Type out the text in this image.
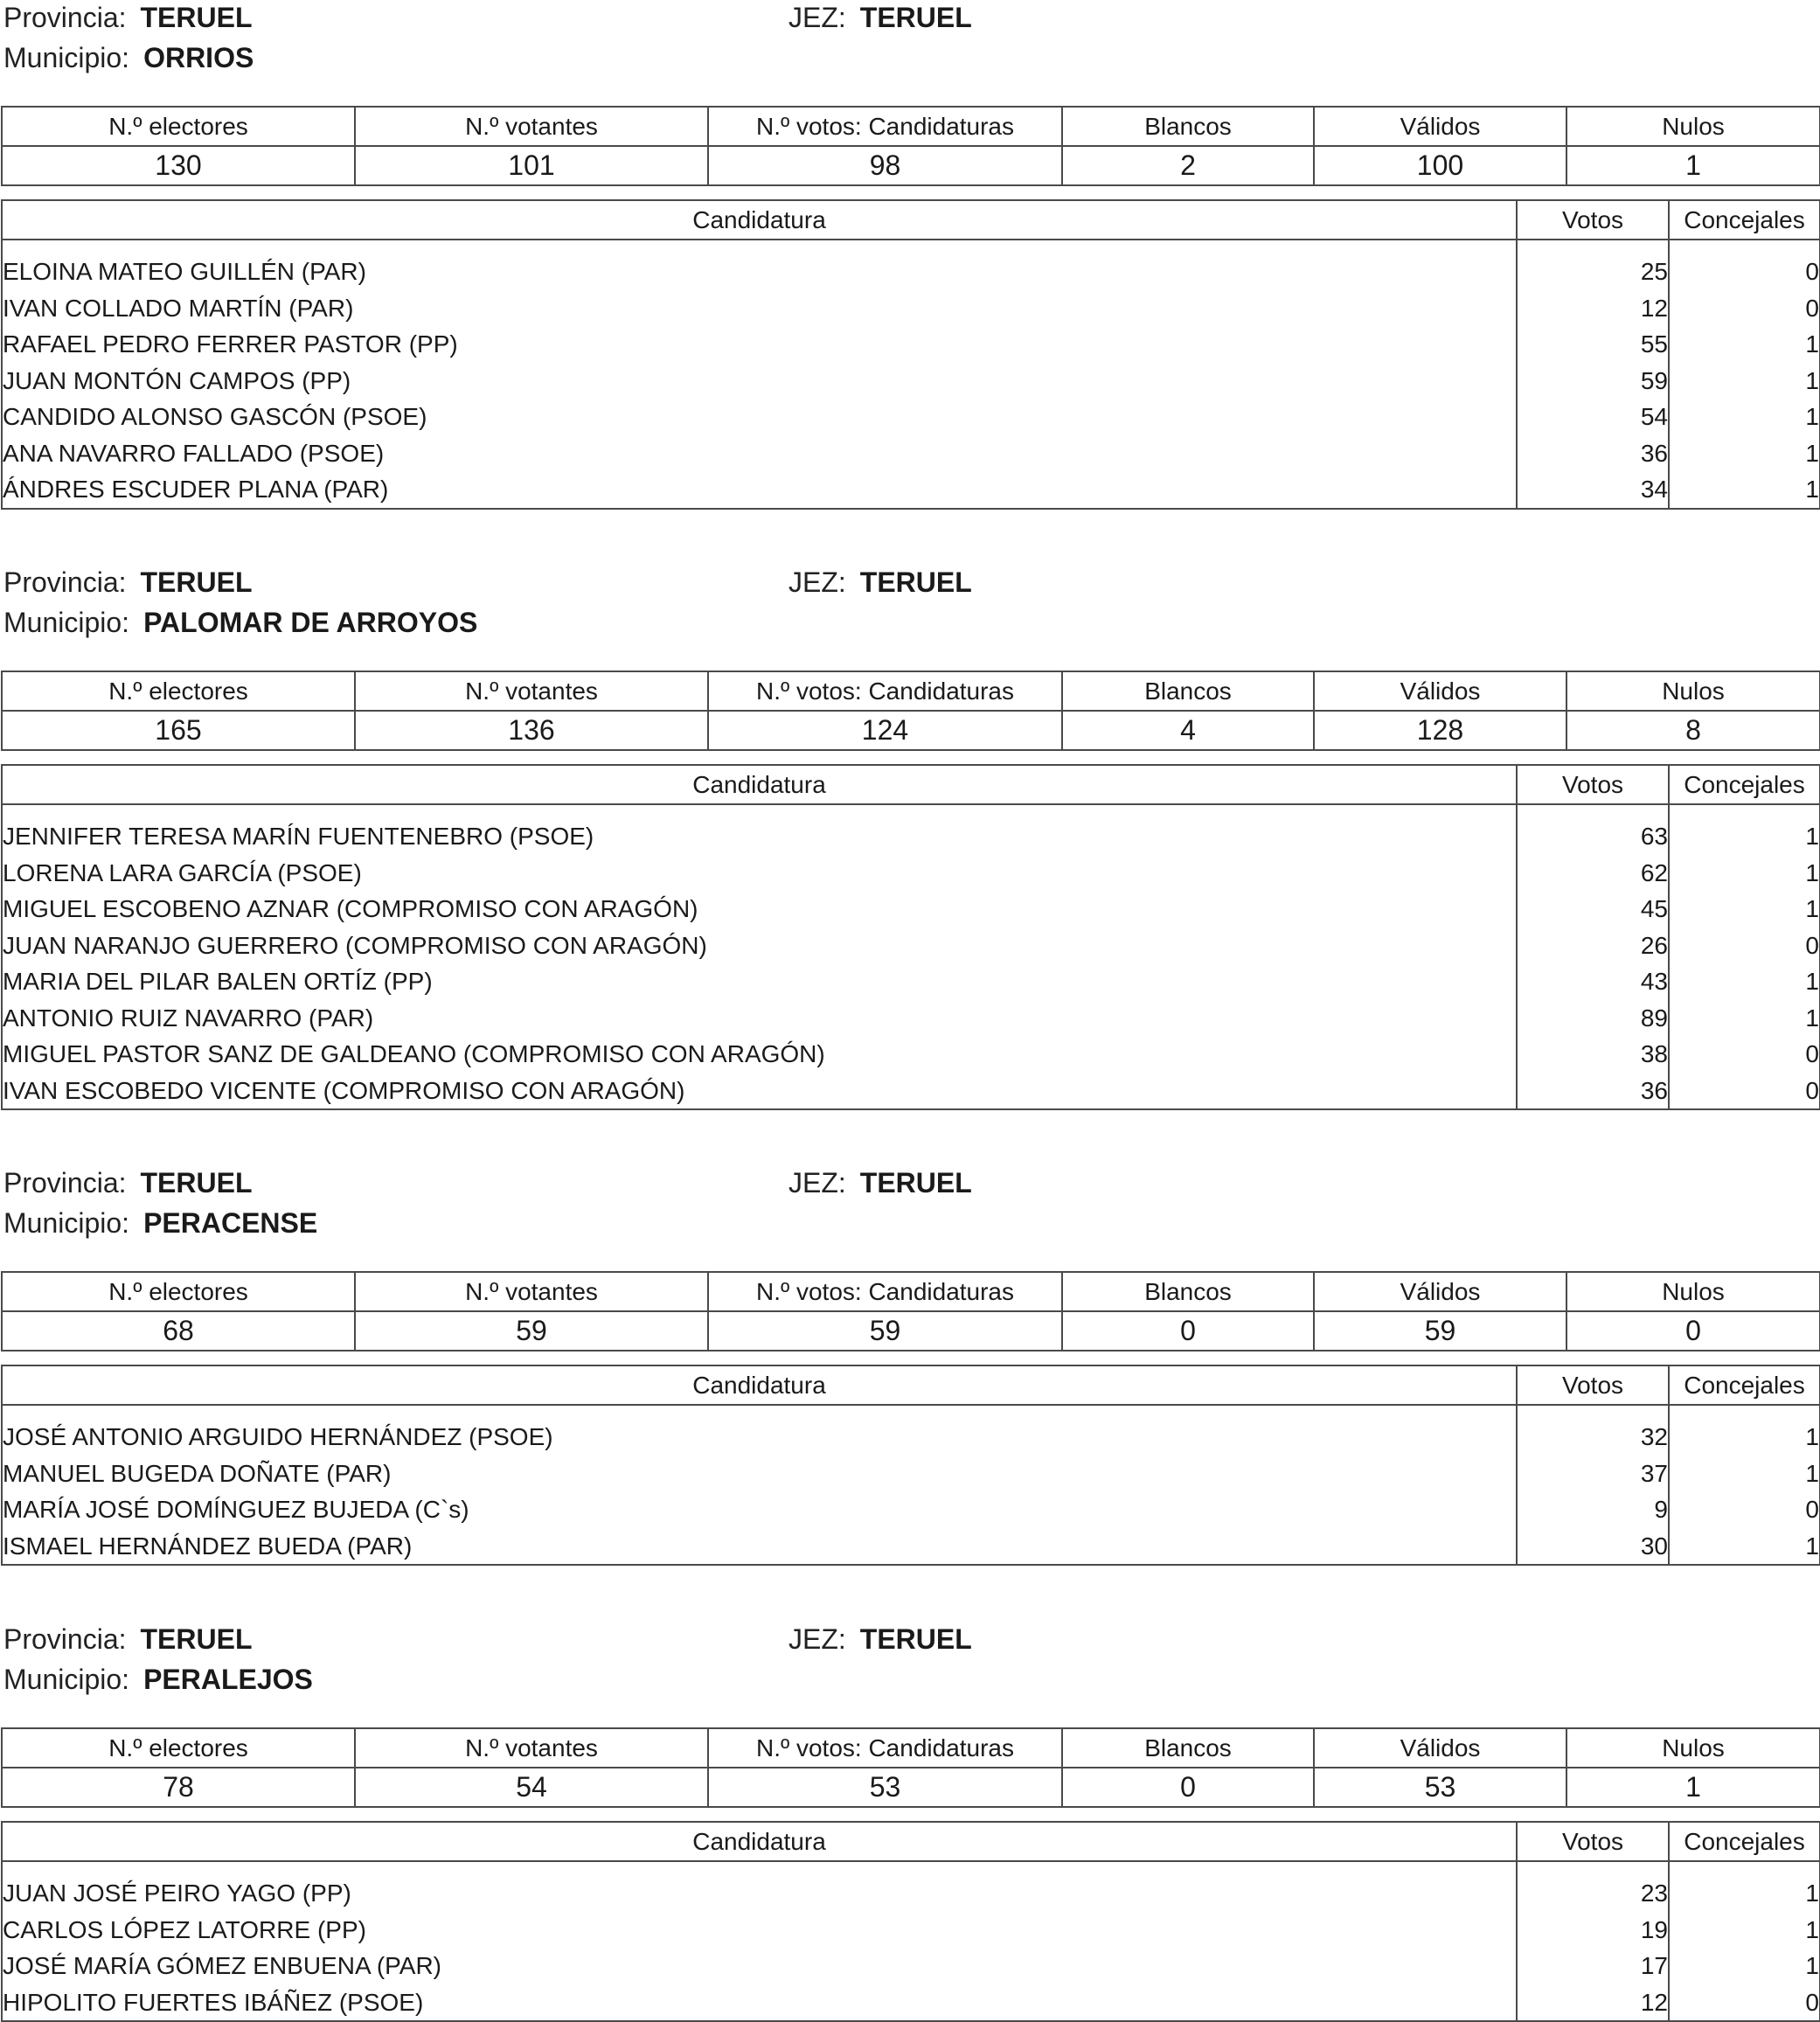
Provincia: TERUEL	JEZ: TERUEL
Municipio: ORRIOS
N.º electores	N.º votantes	N.º votos: Candidaturas	Blancos	Válidos	Nulos
130	101	98	2	100	1
Candidatura	Votos	Concejales

ELOINA MATEO GUILLÉN (PAR)	25	0
IVAN COLLADO MARTÍN (PAR)	12	0
RAFAEL PEDRO FERRER PASTOR (PP)	55	1
JUAN MONTÓN CAMPOS (PP)	59	1
CANDIDO ALONSO GASCÓN (PSOE)	54	1
ANA NAVARRO FALLADO (PSOE)	36	1
ÁNDRES ESCUDER PLANA (PAR)	34	1
Provincia: TERUEL	JEZ: TERUEL
Municipio: PALOMAR DE ARROYOS
N.º electores	N.º votantes	N.º votos: Candidaturas	Blancos	Válidos	Nulos
165	136	124	4	128	8
Candidatura	Votos	Concejales

JENNIFER TERESA MARÍN FUENTENEBRO (PSOE)	63	1
LORENA LARA GARCÍA (PSOE)	62	1
MIGUEL ESCOBENO AZNAR (COMPROMISO CON ARAGÓN)	45	1
JUAN NARANJO GUERRERO (COMPROMISO CON ARAGÓN)	26	0
MARIA DEL PILAR BALEN ORTÍZ (PP)	43	1
ANTONIO RUIZ NAVARRO (PAR)	89	1
MIGUEL PASTOR SANZ DE GALDEANO (COMPROMISO CON ARAGÓN)	38	0
IVAN ESCOBEDO VICENTE (COMPROMISO CON ARAGÓN)	36	0
Provincia: TERUEL	JEZ: TERUEL
Municipio: PERACENSE
N.º electores	N.º votantes	N.º votos: Candidaturas	Blancos	Válidos	Nulos
68	59	59	0	59	0
Candidatura	Votos	Concejales

JOSÉ ANTONIO ARGUIDO HERNÁNDEZ (PSOE)	32	1
MANUEL BUGEDA DOÑATE (PAR)	37	1
MARÍA JOSÉ DOMÍNGUEZ BUJEDA (C`s)	9	0
ISMAEL HERNÁNDEZ BUEDA (PAR)	30	1
Provincia: TERUEL	JEZ: TERUEL
Municipio: PERALEJOS
N.º electores	N.º votantes	N.º votos: Candidaturas	Blancos	Válidos	Nulos
78	54	53	0	53	1
Candidatura	Votos	Concejales

JUAN JOSÉ PEIRO YAGO (PP)	23	1
CARLOS LÓPEZ LATORRE (PP)	19	1
JOSÉ MARÍA GÓMEZ ENBUENA (PAR)	17	1
HIPOLITO FUERTES IBÁÑEZ (PSOE)	12	0
